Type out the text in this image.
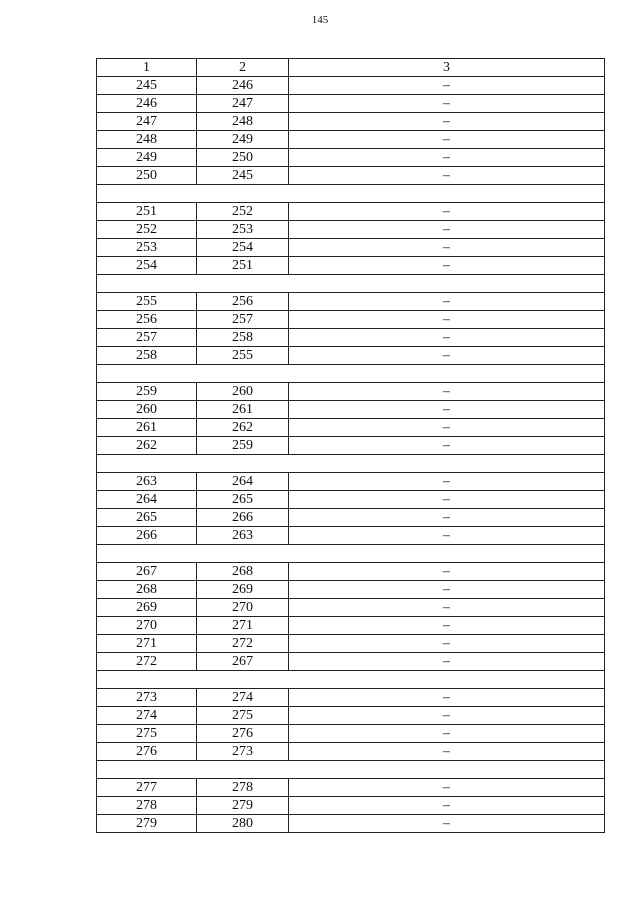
145
1	2	3
245	246	–
246	247	–
247	248	–
248	249	–
249	250	–
250	245	–

251	252	–
252	253	–
253	254	–
254	251	–

255	256	–
256	257	–
257	258	–
258	255	–

259	260	–
260	261	–
261	262	–
262	259	–

263	264	–
264	265	–
265	266	–
266	263	–

267	268	–
268	269	–
269	270	–
270	271	–
271	272	–
272	267	–

273	274	–
274	275	–
275	276	–
276	273	–

277	278	–
278	279	–
279	280	–
